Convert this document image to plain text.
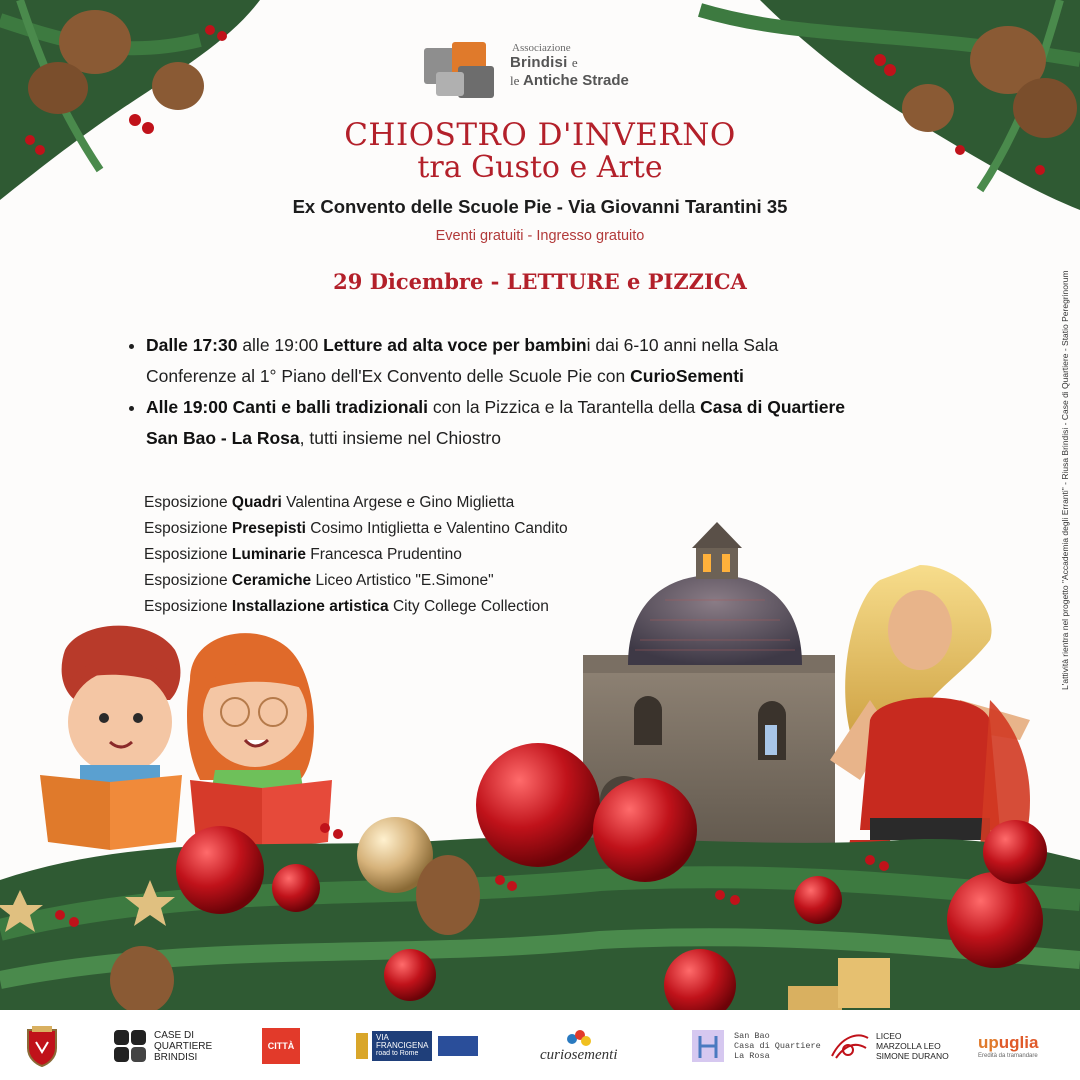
Associazione
Brindisi e
le Antiche Strade
CHIOSTRO D'INVERNO
tra Gusto e Arte
Ex Convento delle Scuole Pie - Via Giovanni Tarantini 35
Eventi gratuiti - Ingresso gratuito
29 Dicembre - LETTURE e PIZZICA
• Dalle 17:30 alle 19:00 Letture ad alta voce per bambini dai 6-10 anni nella Sala Conferenze al 1° Piano dell'Ex Convento delle Scuole Pie con CurioSementi
• Alle 19:00 Canti e balli tradizionali con la Pizzica e la Tarantella della Casa di Quartiere San Bao - La Rosa, tutti insieme nel Chiostro
Esposizione Quadri Valentina Argese e Gino Miglietta
Esposizione Presepisti Cosimo Intiglietta e Valentino Candito
Esposizione Luminarie Francesca Prudentino
Esposizione Ceramiche Liceo Artistico "E.Simone"
Esposizione Installazione artistica City College Collection	L'attività rientra nel progetto "Accademia degli Erranti" - Riusa Brindisi - Case di Quartiere - Statio Peregrinorum
CASE DI
QUARTIERE
BRINDISI
CITTÀ
VIA
FRANCIGENA
road to Rome	curiosementi
San Bao
Casa di Quartiere
La Rosa
LICEO
MARZOLLA LEO
SIMONE DURANO
upuglia
Eredità da tramandare
